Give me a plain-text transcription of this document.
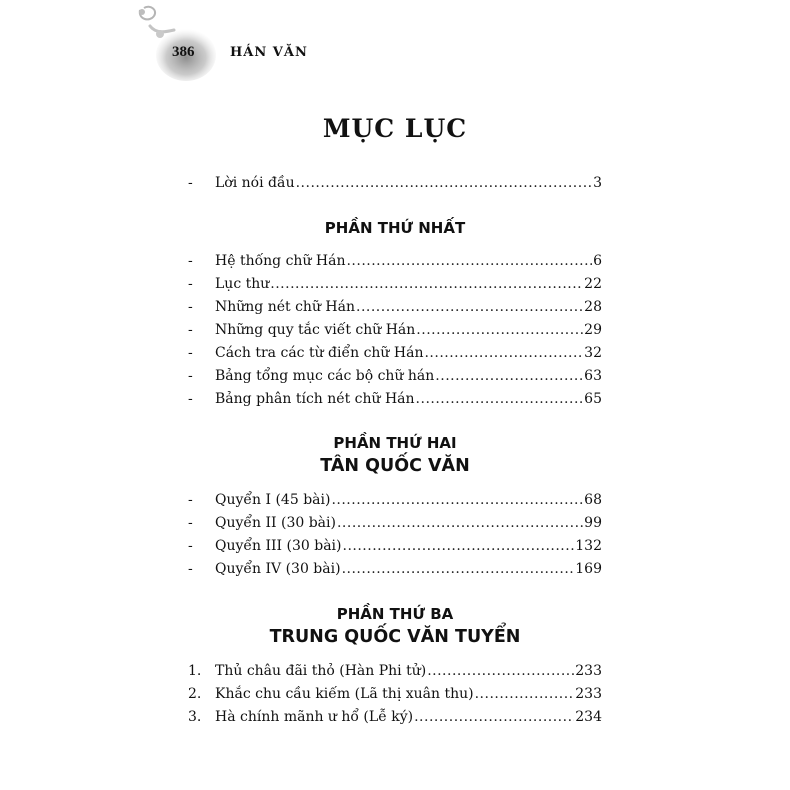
386	HÁN VĂN
MỤC LỤC
-	Lời nói đầu .....	3
PHẦN THỨ NHẤT
-	Hệ thống chữ Hán .....	6
-	Lục thư .....	22
-	Những nét chữ Hán .....	28
-	Những quy tắc viết chữ Hán .....	29
-	Cách tra các từ điển chữ Hán .....	32
-	Bảng tổng mục các bộ chữ hán .....	63
-	Bảng phân tích nét chữ Hán .....	65
PHẦN THỨ HAI
TÂN QUỐC VĂN
-	Quyển I (45 bài) .....	68
-	Quyển II (30 bài) .....	99
-	Quyển III (30 bài) .....	132
-	Quyển IV (30 bài) .....	169
PHẦN THỨ BA
TRUNG QUỐC VĂN TUYỂN
1. Thủ châu đãi thỏ (Hàn Phi tử) .....	233
2. Khắc chu cầu kiếm (Lã thị xuân thu) .....	233
3. Hà chính mãnh ư hổ (Lễ ký) .....	234
